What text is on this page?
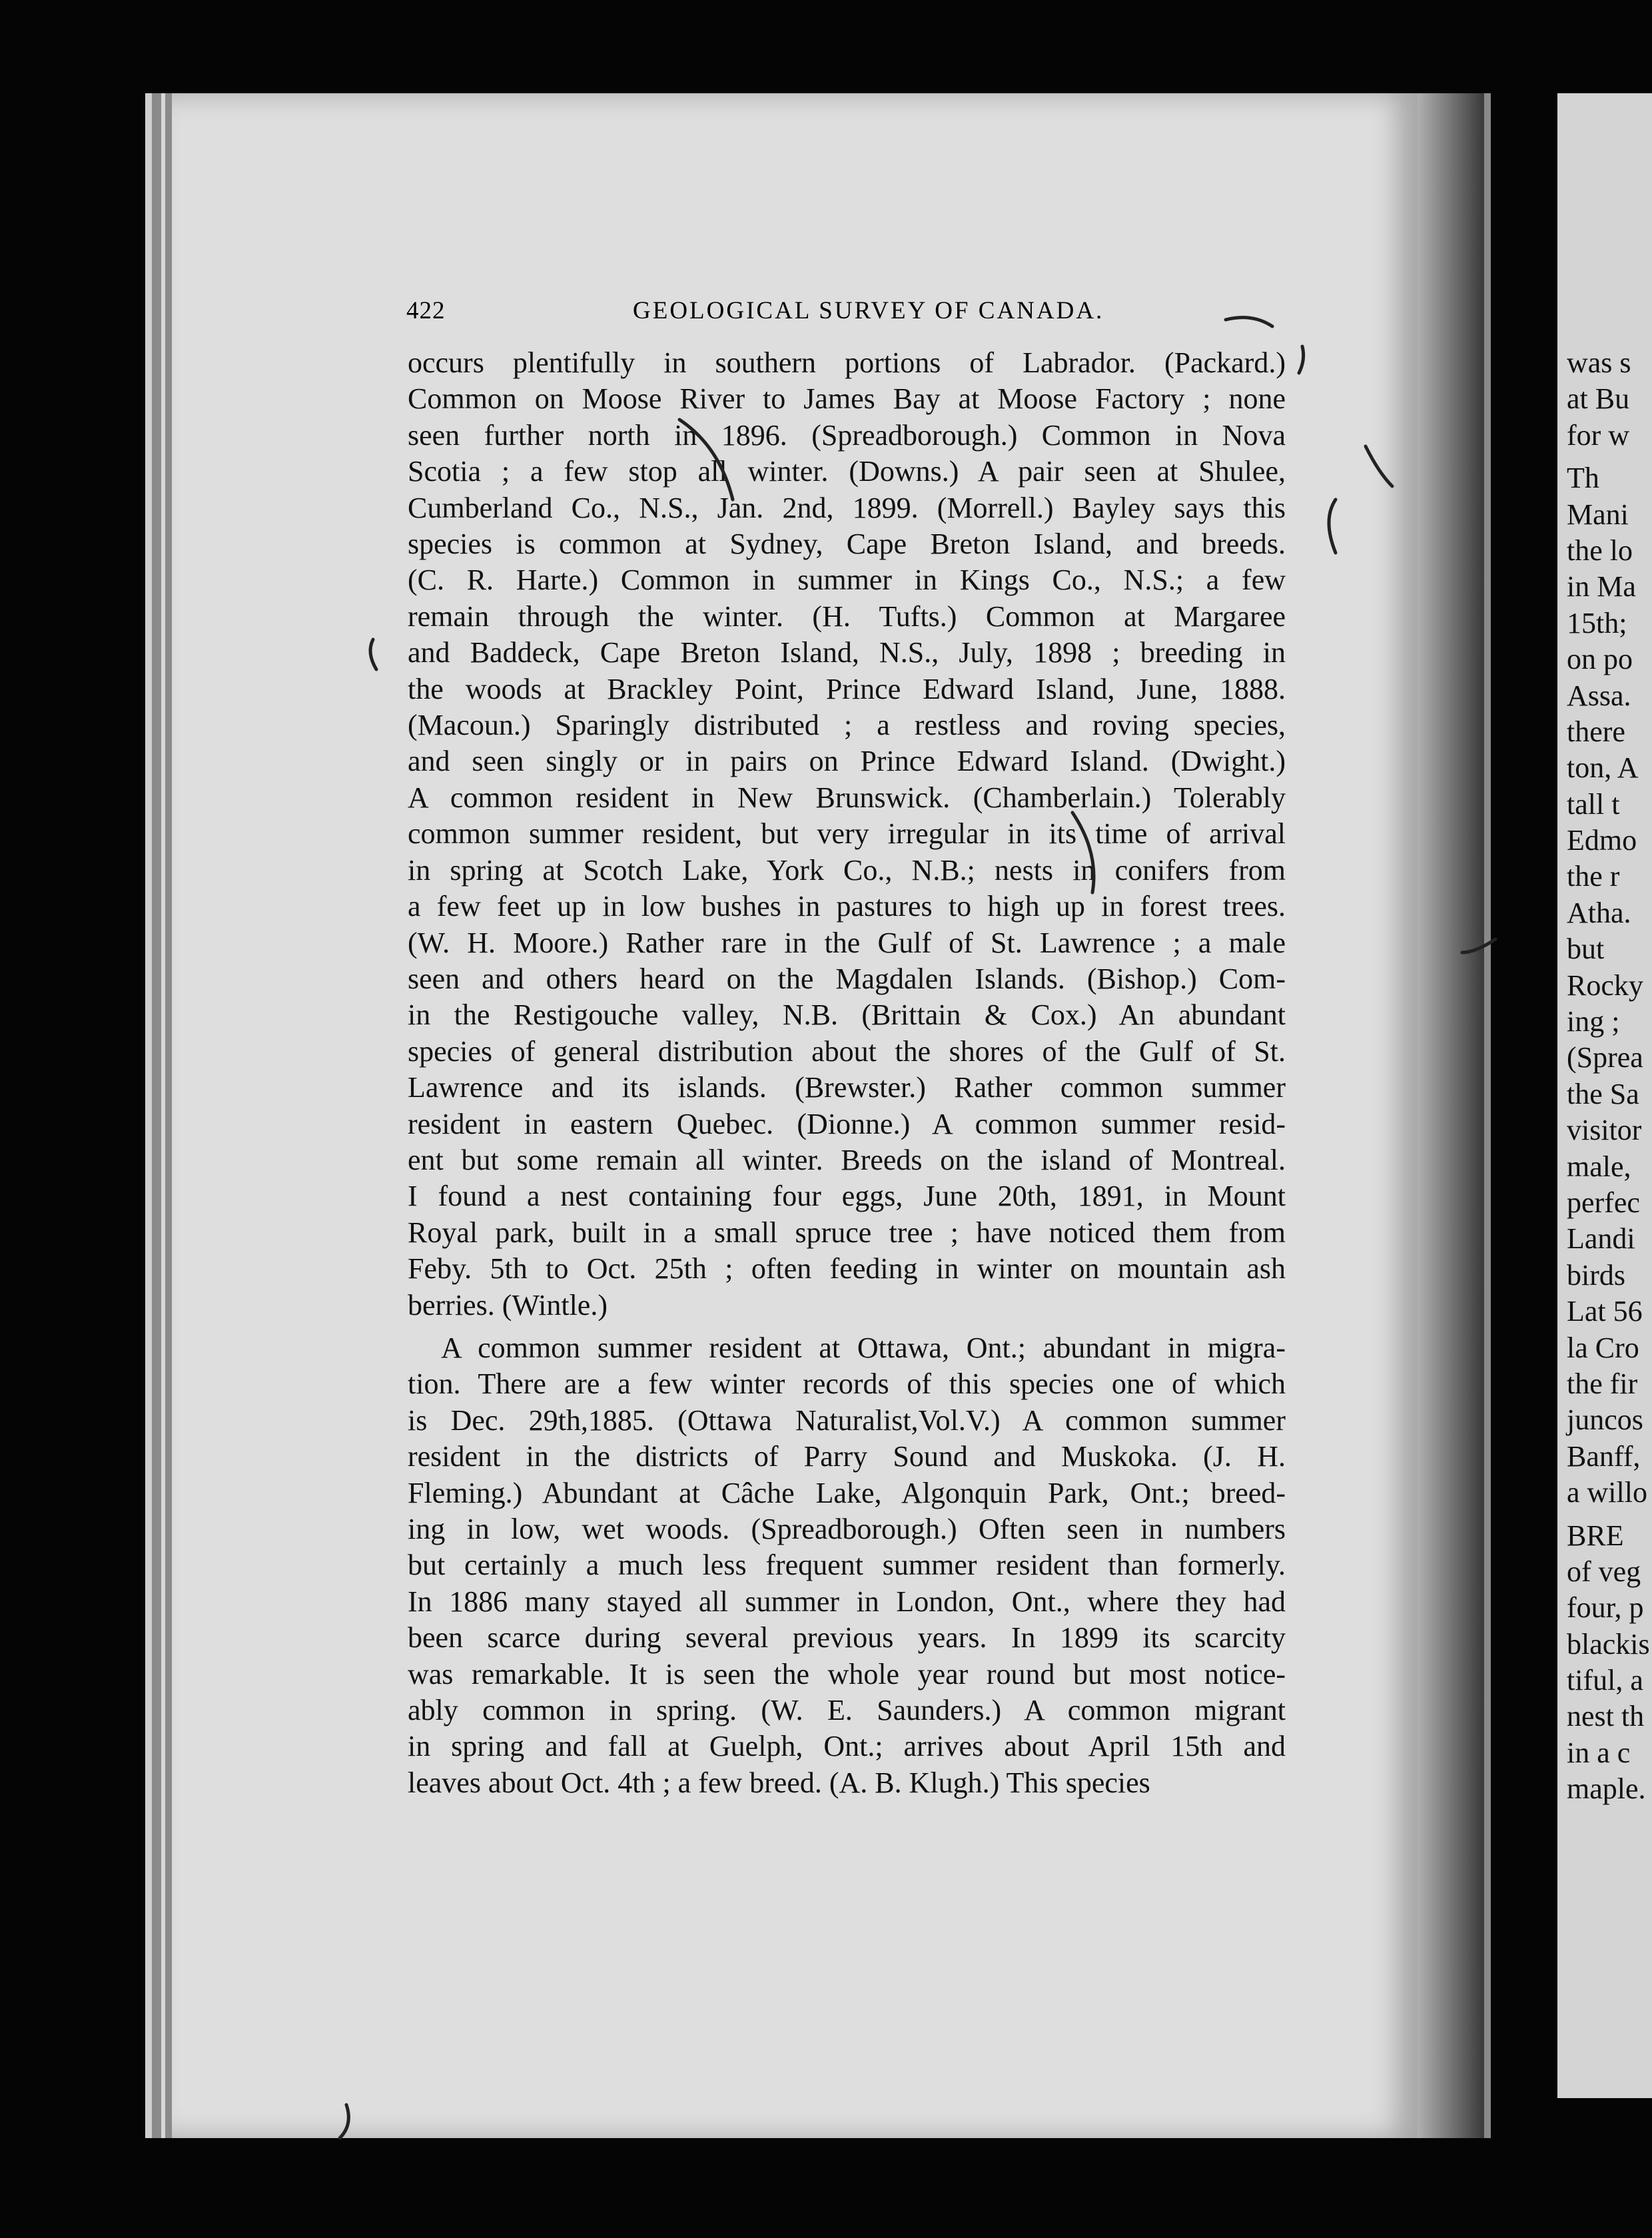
was s
at Bu
for w
Th
Mani
the lo
in Ma
15th;
on po
Assa.
there
ton, A
tall t
Edmo
the r
Atha.
but
Rocky
ing ;
(Sprea
the Sa
visitor
male,
perfec
Landi
birds
Lat 56
la Cro
the fir
juncos
Banff,
a willo
BRE
of veg
four, p
blackis
tiful, a
nest th
in a c
maple.
422	GEOLOGICAL SURVEY OF CANADA.
occurs plentifully in southern portions of Labrador. (Packard.)
Common on Moose River to James Bay at Moose Factory ; none
seen further north in 1896. (Spreadborough.) Common in Nova
Scotia ; a few stop all winter. (Downs.) A pair seen at Shulee,
Cumberland Co., N.S., Jan. 2nd, 1899. (Morrell.) Bayley says this
species is common at Sydney, Cape Breton Island, and breeds.
(C. R. Harte.) Common in summer in Kings Co., N.S.; a few
remain through the winter. (H. Tufts.) Common at Margaree
and Baddeck, Cape Breton Island, N.S., July, 1898 ; breeding in
the woods at Brackley Point, Prince Edward Island, June, 1888.
(Macoun.) Sparingly distributed ; a restless and roving species,
and seen singly or in pairs on Prince Edward Island. (Dwight.)
A common resident in New Brunswick. (Chamberlain.) Tolerably
common summer resident, but very irregular in its time of arrival
in spring at Scotch Lake, York Co., N.B.; nests in conifers from
a few feet up in low bushes in pastures to high up in forest trees.
(W. H. Moore.) Rather rare in the Gulf of St. Lawrence ; a male
seen and others heard on the Magdalen Islands. (Bishop.) Com-
in the Restigouche valley, N.B. (Brittain & Cox.) An abundant
species of general distribution about the shores of the Gulf of St.
Lawrence and its islands. (Brewster.) Rather common summer
resident in eastern Quebec. (Dionne.) A common summer resid-
ent but some remain all winter. Breeds on the island of Montreal.
I found a nest containing four eggs, June 20th, 1891, in Mount
Royal park, built in a small spruce tree ; have noticed them from
Feby. 5th to Oct. 25th ; often feeding in winter on mountain ash
berries. (Wintle.)
A common summer resident at Ottawa, Ont.; abundant in migra-
tion. There are a few winter records of this species one of which
is Dec. 29th,1885. (Ottawa Naturalist,Vol.V.) A common summer
resident in the districts of Parry Sound and Muskoka. (J. H.
Fleming.) Abundant at Câche Lake, Algonquin Park, Ont.; breed-
ing in low, wet woods. (Spreadborough.) Often seen in numbers
but certainly a much less frequent summer resident than formerly.
In 1886 many stayed all summer in London, Ont., where they had
been scarce during several previous years. In 1899 its scarcity
was remarkable. It is seen the whole year round but most notice-
ably common in spring. (W. E. Saunders.) A common migrant
in spring and fall at Guelph, Ont.; arrives about April 15th and
leaves about Oct. 4th ; a few breed. (A. B. Klugh.) This species
